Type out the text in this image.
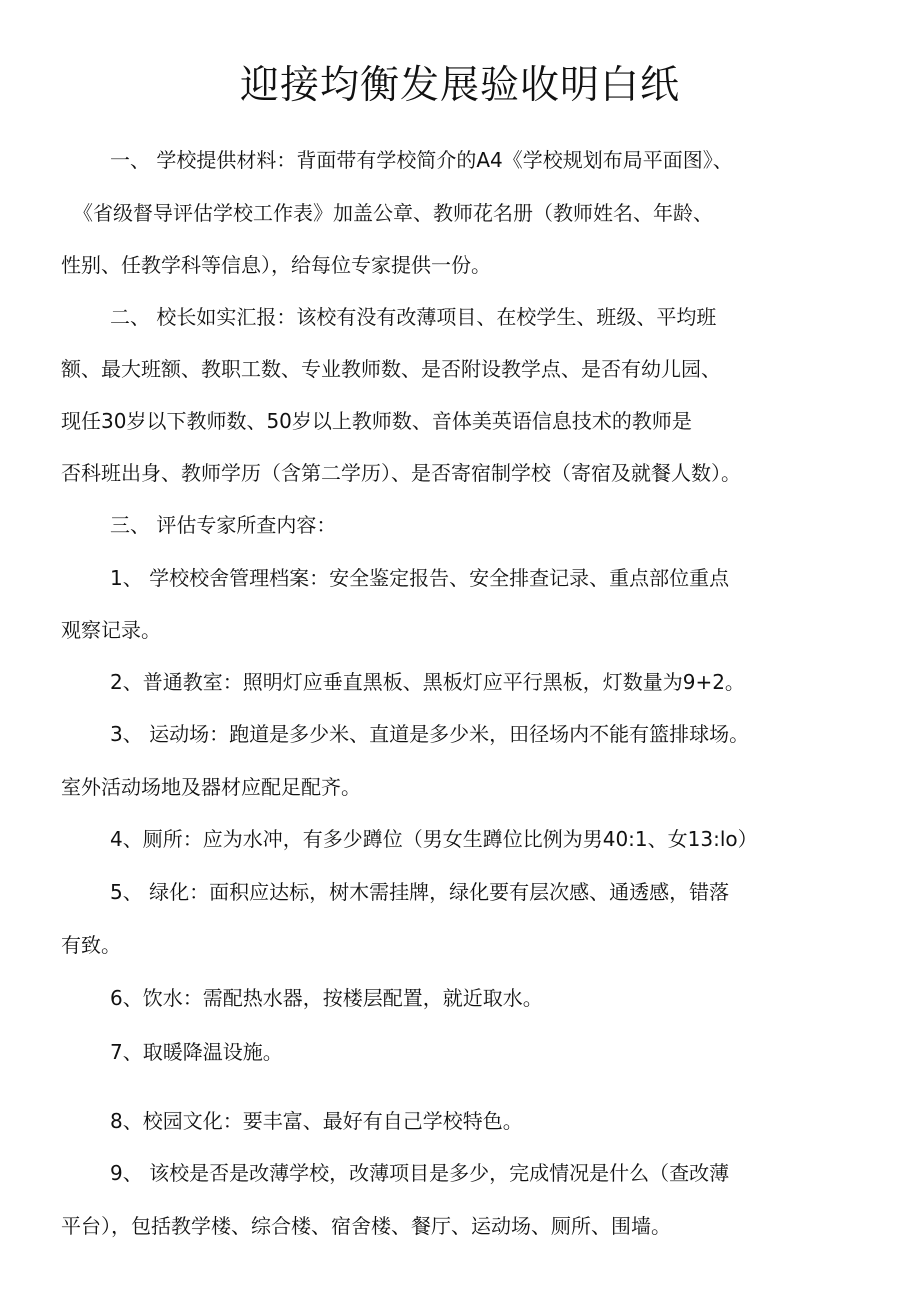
迎接均衡发展验收明白纸

一、 学校提供材料：背面带有学校简介的A4《学校规划布局平面图》、

《省级督导评估学校工作表》加盖公章、教师花名册（教师姓名、年龄、

性别、任教学科等信息），给每位专家提供一份。

二、 校长如实汇报：该校有没有改薄项目、在校学生、班级、平均班

额、最大班额、教职工数、专业教师数、是否附设教学点、是否有幼儿园、

现任30岁以下教师数、50岁以上教师数、音体美英语信息技术的教师是

否科班出身、教师学历（含第二学历）、是否寄宿制学校（寄宿及就餐人数）。

三、 评估专家所查内容：

1、 学校校舍管理档案：安全鉴定报告、安全排查记录、重点部位重点

观察记录。

2、普通教室：照明灯应垂直黑板、黑板灯应平行黑板，灯数量为9+2。

3、 运动场：跑道是多少米、直道是多少米，田径场内不能有篮排球场。

室外活动场地及器材应配足配齐。

4、厕所：应为水冲，有多少蹲位（男女生蹲位比例为男40:1、女13:lo）

5、 绿化：面积应达标，树木需挂牌，绿化要有层次感、通透感，错落

有致。

6、饮水：需配热水器，按楼层配置，就近取水。

7、取暖降温设施。

8、校园文化：要丰富、最好有自己学校特色。

9、 该校是否是改薄学校，改薄项目是多少，完成情况是什么（查改薄

平台），包括教学楼、综合楼、宿舍楼、餐厅、运动场、厕所、围墙。
